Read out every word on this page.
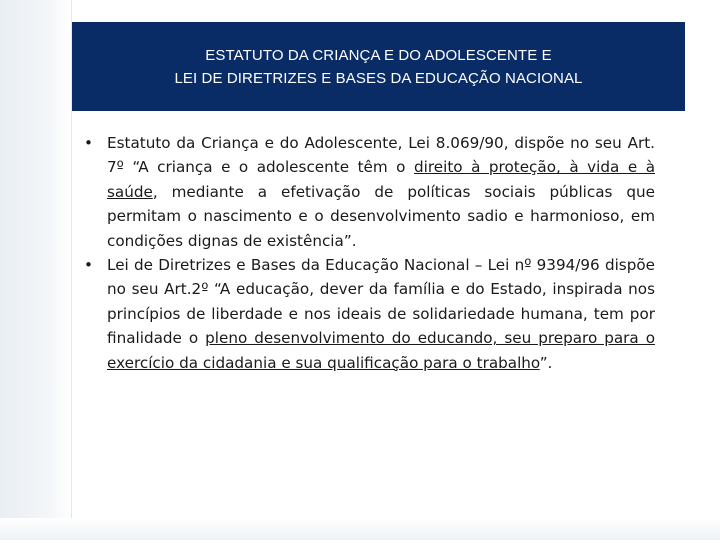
ESTATUTO DA CRIANÇA E DO ADOLESCENTE E
LEI DE DIRETRIZES E BASES DA EDUCAÇÃO NACIONAL
• Estatuto da Criança e do Adolescente, Lei 8.069/90, dispõe no seu Art. 7º “A criança e o adolescente têm o direito à proteção, à vida e à saúde, mediante a efetivação de políticas sociais públicas que permitam o nascimento e o desenvolvimento sadio e harmonioso, em condições dignas de existência”.
• Lei de Diretrizes e Bases da Educação Nacional – Lei nº 9394/96 dispõe no seu Art.2º “A educação, dever da família e do Estado, inspirada nos princípios de liberdade e nos ideais de solidariedade humana, tem por finalidade o pleno desenvolvimento do educando, seu preparo para o exercício da cidadania e sua qualificação para o trabalho”.
